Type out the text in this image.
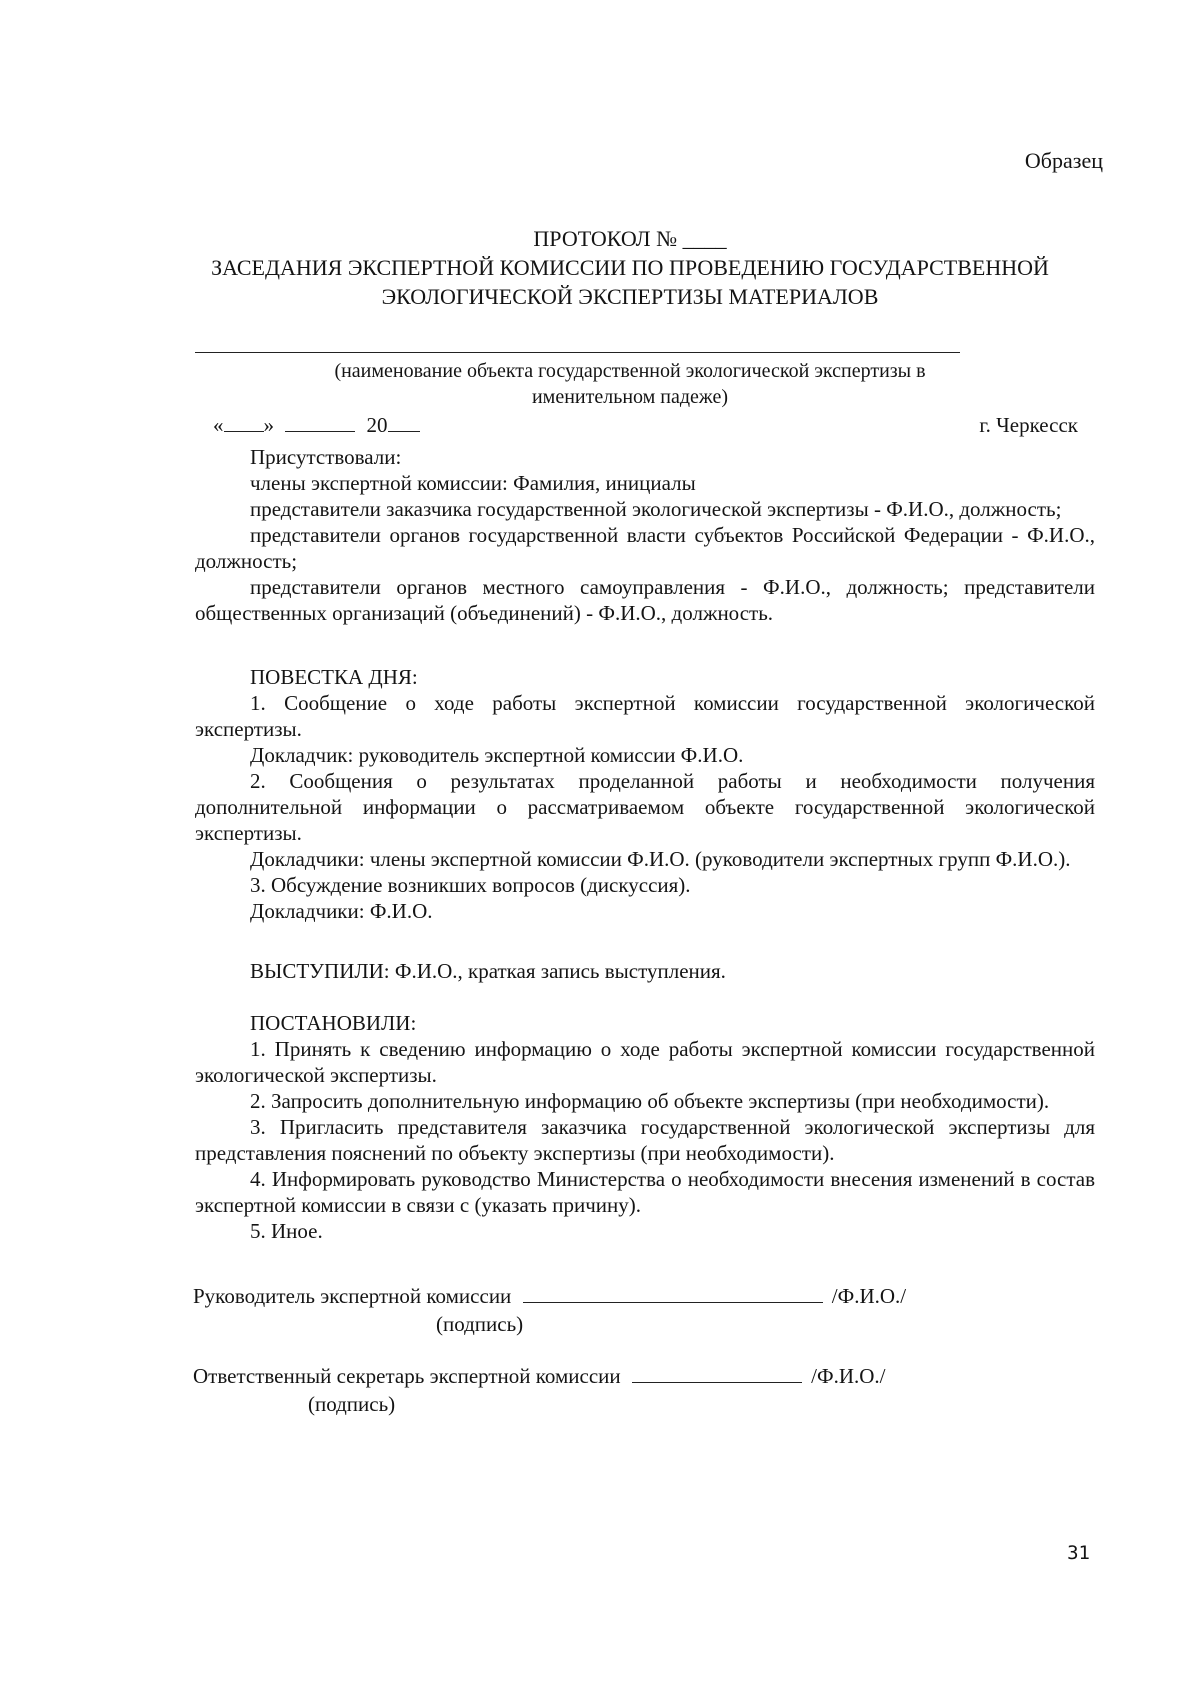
Образец
ПРОТОКОЛ № ____
ЗАСЕДАНИЯ ЭКСПЕРТНОЙ КОМИССИИ ПО ПРОВЕДЕНИЮ ГОСУДАРСТВЕННОЙ
ЭКОЛОГИЧЕСКОЙ ЭКСПЕРТИЗЫ МАТЕРИАЛОВ
(наименование объекта государственной экологической экспертизы в
именительном падеже)
« »	20	г. Черкесск
Присутствовали:
члены экспертной комиссии: Фамилия, инициалы
представители заказчика государственной экологической экспертизы - Ф.И.О., должность;
представители органов государственной власти субъектов Российской Федерации - Ф.И.О., должность;
представители органов местного самоуправления - Ф.И.О., должность; представители общественных организаций (объединений) - Ф.И.О., должность.
ПОВЕСТКА ДНЯ:
1. Сообщение о ходе работы экспертной комиссии государственной экологической экспертизы.
Докладчик: руководитель экспертной комиссии Ф.И.О.
2. Сообщения о результатах проделанной работы и необходимости получения дополнительной информации о рассматриваемом объекте государственной экологической экспертизы.
Докладчики: члены экспертной комиссии Ф.И.О. (руководители экспертных групп Ф.И.О.).
3. Обсуждение возникших вопросов (дискуссия).
Докладчики: Ф.И.О.
ВЫСТУПИЛИ: Ф.И.О., краткая запись выступления.
ПОСТАНОВИЛИ:
1. Принять к сведению информацию о ходе работы экспертной комиссии государственной экологической экспертизы.
2. Запросить дополнительную информацию об объекте экспертизы (при необходимости).
3. Пригласить представителя заказчика государственной экологической экспертизы для представления пояснений по объекту экспертизы (при необходимости).
4. Информировать руководство Министерства о необходимости внесения изменений в состав экспертной комиссии в связи с (указать причину).
5. Иное.
Руководитель экспертной комиссии	/Ф.И.О./
(подпись)
Ответственный секретарь экспертной комиссии	/Ф.И.О./
(подпись)
31
